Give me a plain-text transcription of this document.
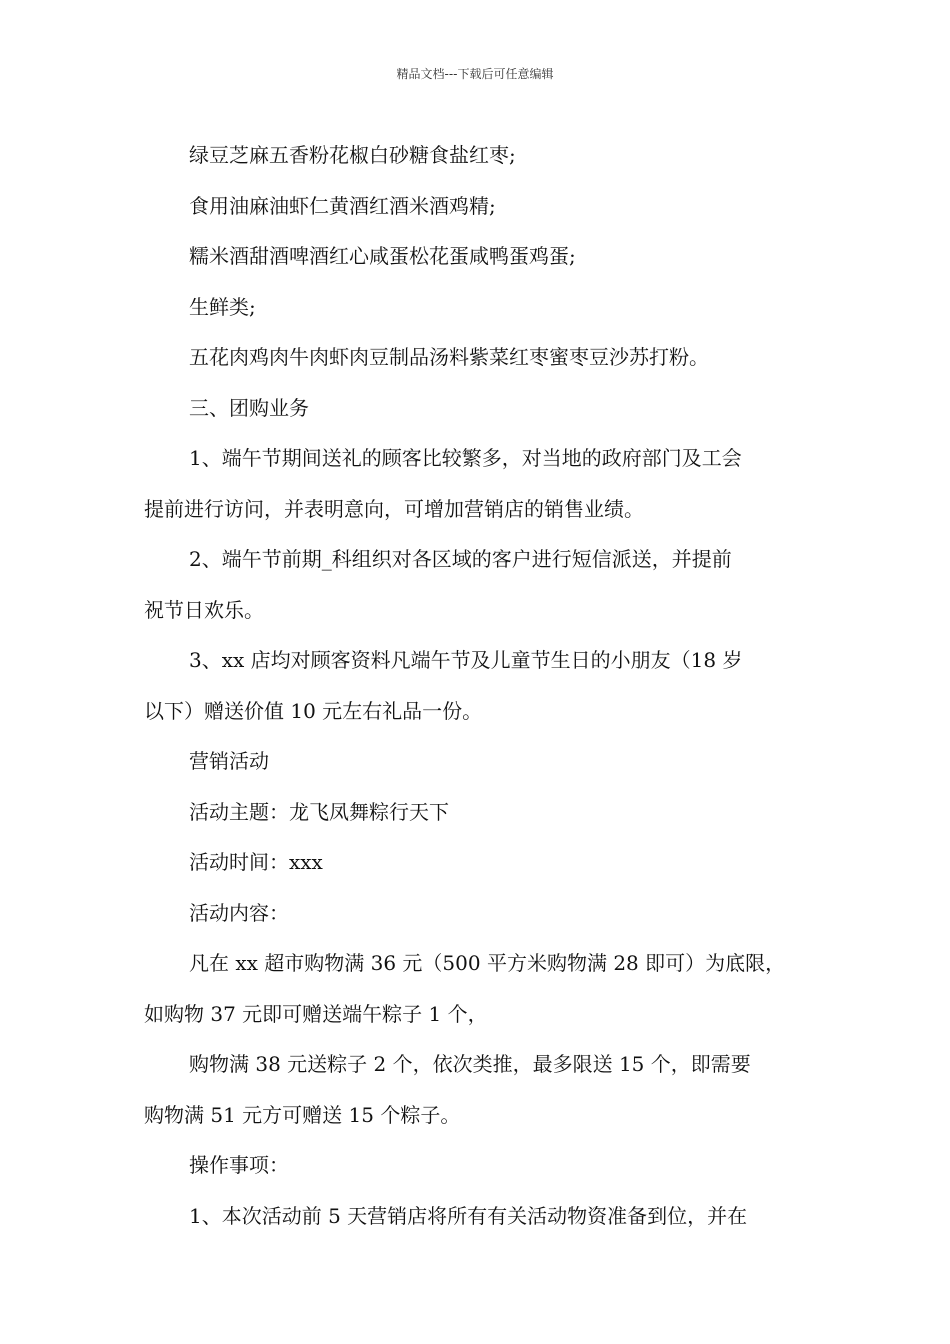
精品文档---下载后可任意编辑
绿豆芝麻五香粉花椒白砂糖食盐红枣;
食用油麻油虾仁黄酒红酒米酒鸡精;
糯米酒甜酒啤酒红心咸蛋松花蛋咸鸭蛋鸡蛋;
生鲜类;
五花肉鸡肉牛肉虾肉豆制品汤料紫菜红枣蜜枣豆沙苏打粉。
三、团购业务
1、端午节期间送礼的顾客比较繁多，对当地的政府部门及工会
提前进行访问，并表明意向，可增加营销店的销售业绩。
2、端午节前期_科组织对各区域的客户进行短信派送，并提前
祝节日欢乐。
3、xx 店均对顾客资料凡端午节及儿童节生日的小朋友（18 岁
以下）赠送价值 10 元左右礼品一份。
营销活动
活动主题：龙飞凤舞粽行天下
活动时间：xxx
活动内容：
凡在 xx 超市购物满 36 元（500 平方米购物满 28 即可）为底限，
如购物 37 元即可赠送端午粽子 1 个，
购物满 38 元送粽子 2 个，依次类推，最多限送 15 个，即需要
购物满 51 元方可赠送 15 个粽子。
操作事项：
1、本次活动前 5 天营销店将所有有关活动物资准备到位，并在
